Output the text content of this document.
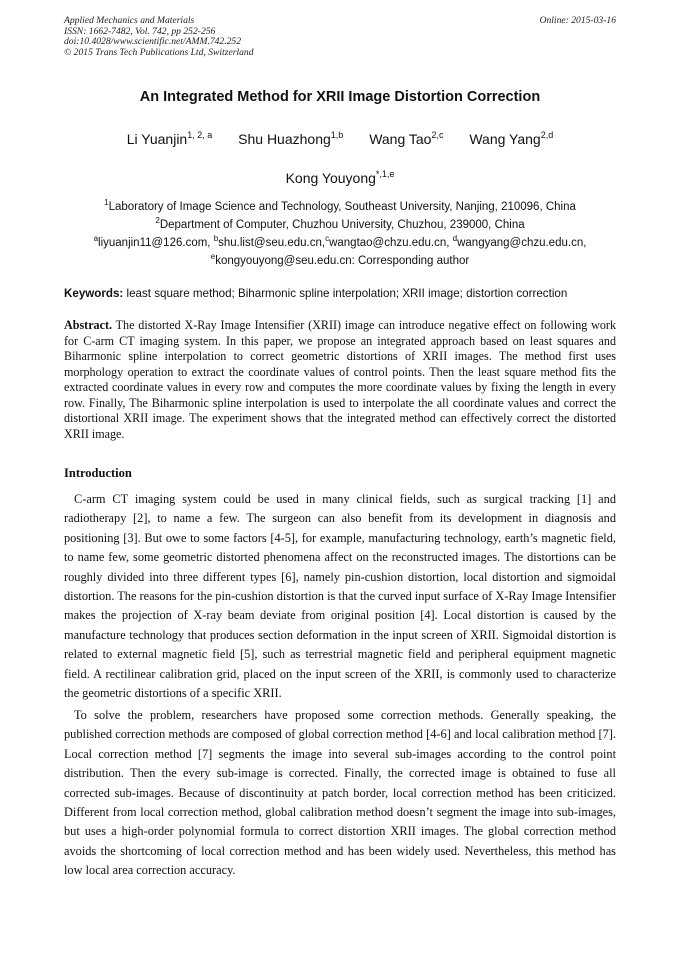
Applied Mechanics and Materials
ISSN: 1662-7482, Vol. 742, pp 252-256
doi:10.4028/www.scientific.net/AMM.742.252
© 2015 Trans Tech Publications Ltd, Switzerland
Online: 2015-03-16
An Integrated Method for XRII Image Distortion Correction
Li Yuanjin$^{1, 2, a}$ Shu Huazhong$^{1,b}$ Wang Tao$^{2,c}$ Wang Yang$^{2,d}$
Kong Youyong$^{*,1,e}$
$^1$Laboratory of Image Science and Technology, Southeast University, Nanjing, 210096, China
$^2$Department of Computer, Chuzhou University, Chuzhou, 239000, China
$^a$liyuanjin11@126.com, $^b$shu.list@seu.edu.cn,$^c$wangtao@chzu.edu.cn, $^d$wangyang@chzu.edu.cn,
$^e$kongyouyong@seu.edu.cn: Corresponding author
Keywords: least square method; Biharmonic spline interpolation; XRII image; distortion correction
Abstract. The distorted X-Ray Image Intensifier (XRII) image can introduce negative effect on following work for C-arm CT imaging system. In this paper, we propose an integrated approach based on least squares and Biharmonic spline interpolation to correct geometric distortions of XRII images. The method first uses morphology operation to extract the coordinate values of control points. Then the least square method fits the extracted coordinate values in every row and computes the more coordinate values by fixing the length in every row. Finally, The Biharmonic spline interpolation is used to interpolate the all coordinate values and correct the distortional XRII image. The experiment shows that the integrated method can effectively correct the distorted XRII image.
Introduction

C-arm CT imaging system could be used in many clinical fields, such as surgical tracking [1] and radiotherapy [2], to name a few. The surgeon can also benefit from its development in diagnosis and positioning [3]. But owe to some factors [4-5], for example, manufacturing technology, earth’s magnetic field, to name few, some geometric distorted phenomena affect on the reconstructed images. The distortions can be roughly divided into three different types [6], namely pin-cushion distortion, local distortion and sigmoidal distortion. The reasons for the pin-cushion distortion is that the curved input surface of X-Ray Image Intensifier makes the projection of X-ray beam deviate from original position [4]. Local distortion is caused by the manufacture technology that produces section deformation in the input screen of XRII. Sigmoidal distortion is related to external magnetic field [5], such as terrestrial magnetic field and peripheral equipment magnetic field. A rectilinear calibration grid, placed on the input screen of the XRII, is commonly used to characterize the geometric distortions of a specific XRII.

To solve the problem, researchers have proposed some correction methods. Generally speaking, the published correction methods are composed of global correction method [4-6] and local calibration method [7]. Local correction method [7] segments the image into several sub-images according to the control point distribution. Then the every sub-image is corrected. Finally, the corrected image is obtained to fuse all corrected sub-images. Because of discontinuity at patch border, local correction method has been criticized. Different from local correction method, global calibration method doesn’t segment the image into sub-images, but uses a high-order polynomial formula to correct distortion XRII images. The global correction method avoids the shortcoming of local correction method and has been widely used. Nevertheless, this method has low local area correction accuracy.
